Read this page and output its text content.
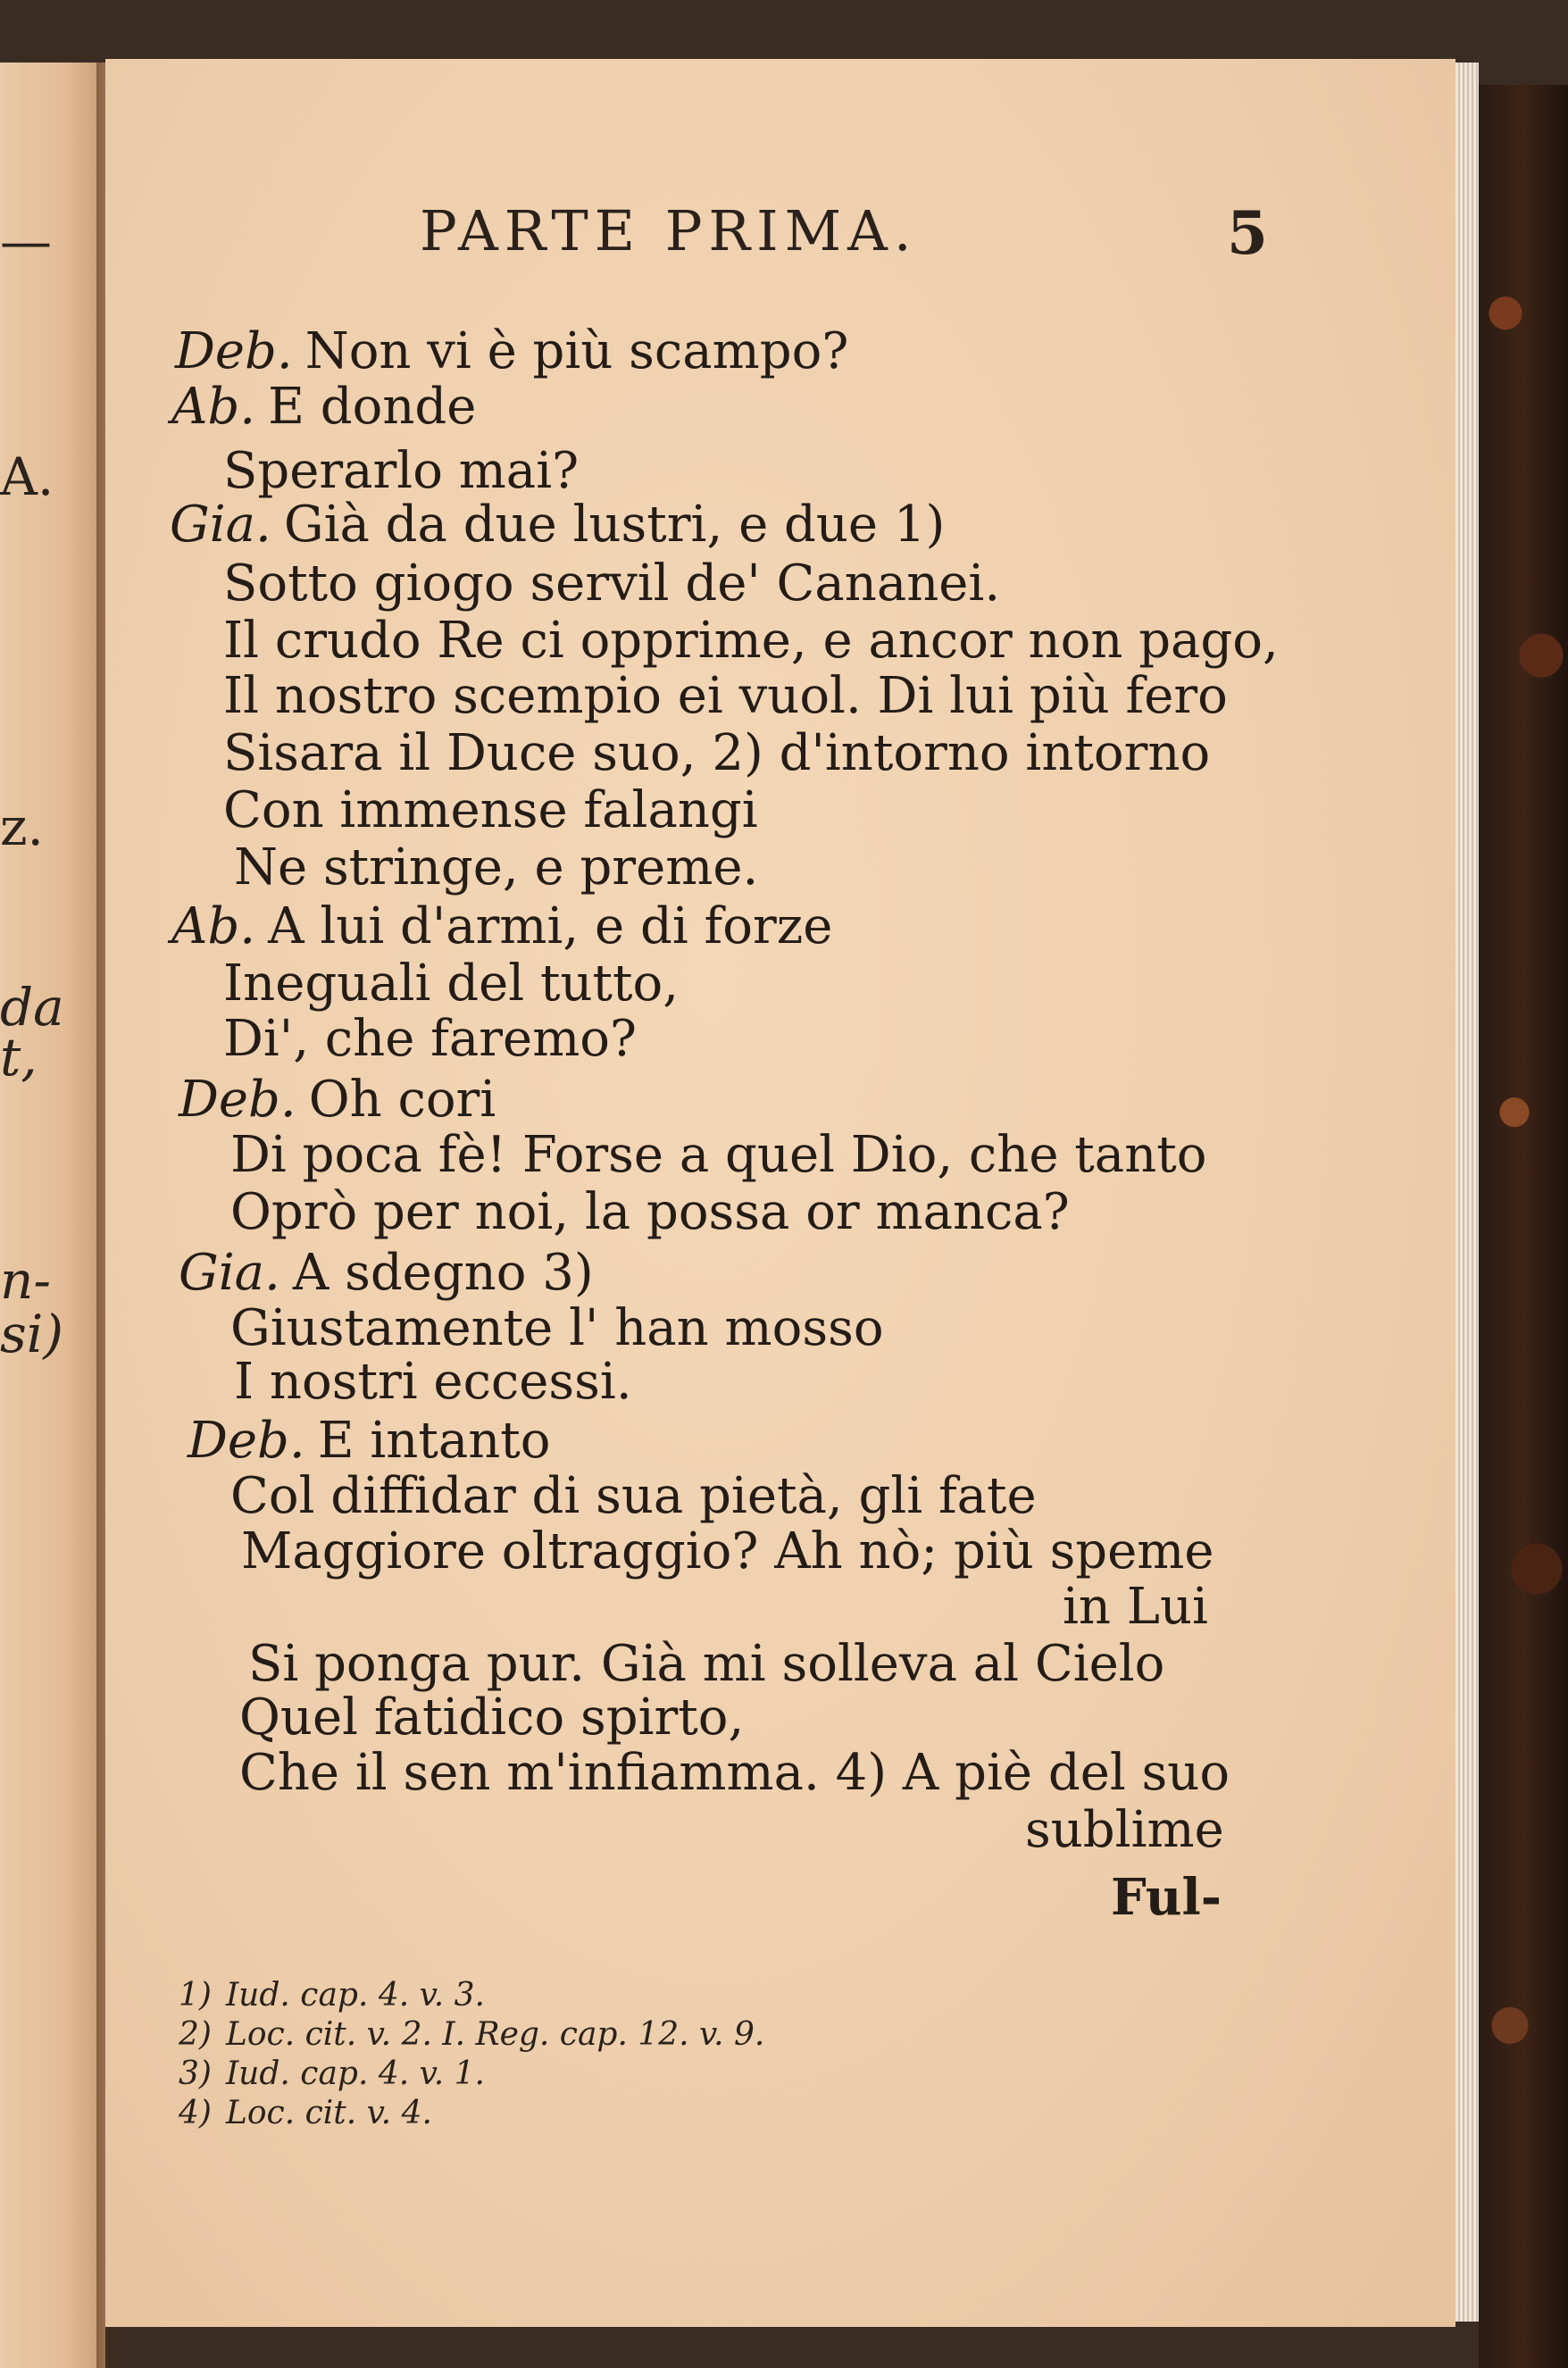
—
A.
z.
da
t,
n-
si)
PARTE PRIMA.	5
Deb. Non vi è più scampo?
Ab. E donde
Sperarlo mai?
Gia. Già da due lustri, e due 1)
Sotto giogo servil de' Cananei.
Il crudo Re ci opprime, e ancor non pago,
Il nostro scempio ei vuol. Di lui più fero
Sisara il Duce suo, 2) d'intorno intorno
Con immense falangi
Ne stringe, e preme.
Ab. A lui d'armi, e di forze
Ineguali del tutto,
Di', che faremo?
Deb. Oh cori
Di poca fè! Forse a quel Dio, che tanto
Oprò per noi, la possa or manca?
Gia. A sdegno 3)
Giustamente l' han mosso
I nostri eccessi.
Deb. E intanto
Col diffidar di sua pietà, gli fate
Maggiore oltraggio? Ah nò; più speme
in Lui
Si ponga pur. Già mi solleva al Cielo
Quel fatidico spirto,
Che il sen m'infiamma. 4) A piè del suo
sublime
Ful-
1) Iud. cap. 4. v. 3.
2) Loc. cit. v. 2. I. Reg. cap. 12. v. 9.
3) Iud. cap. 4. v. 1.
4) Loc. cit. v. 4.
